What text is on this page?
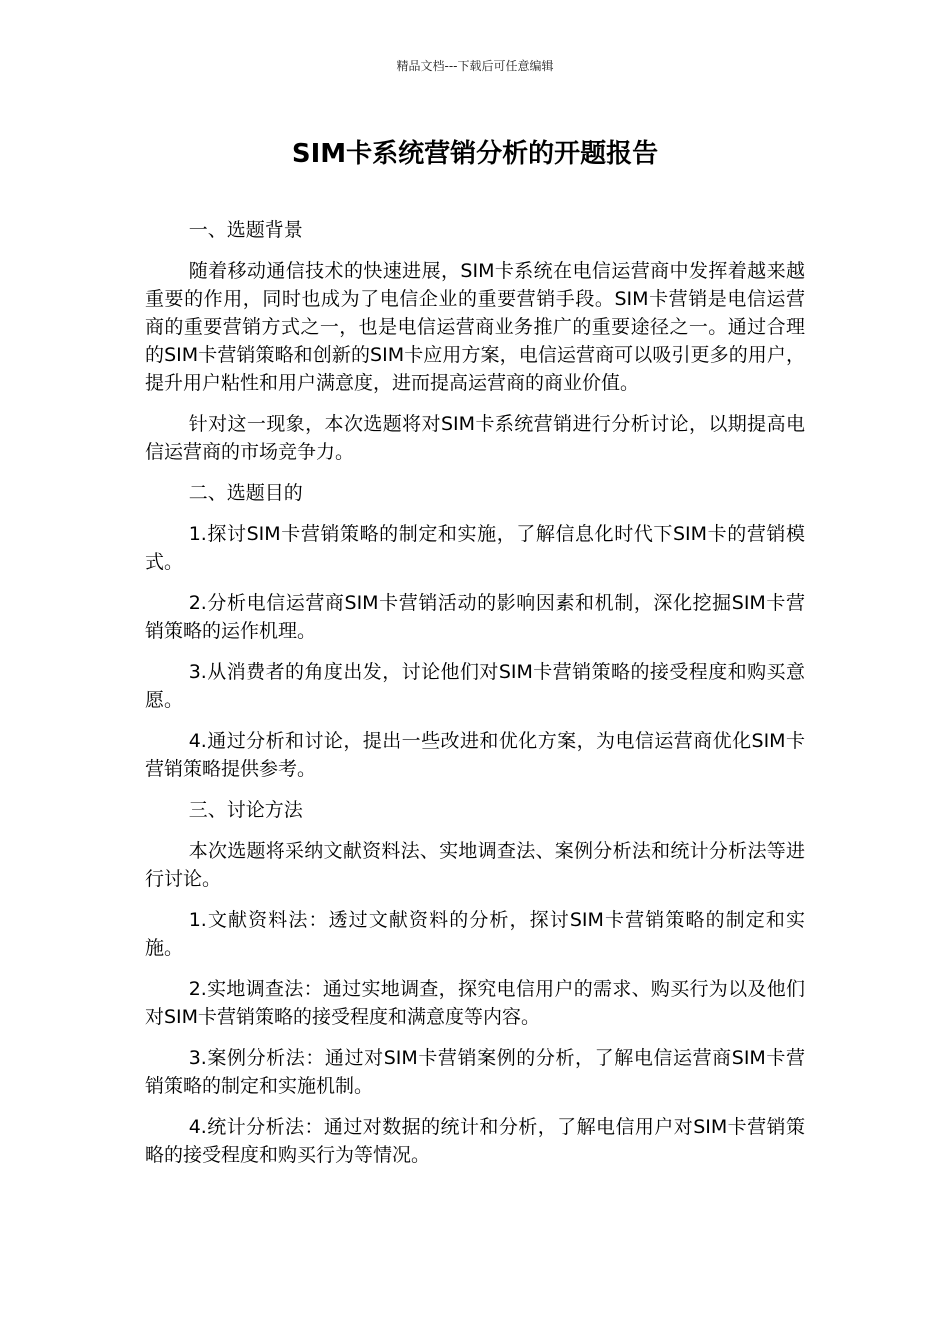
精品文档---下载后可任意编辑
SIM卡系统营销分析的开题报告

一、选题背景

随着移动通信技术的快速进展，SIM卡系统在电信运营商中发挥着越来越重要的作用，同时也成为了电信企业的重要营销手段。SIM卡营销是电信运营商的重要营销方式之一，也是电信运营商业务推广的重要途径之一。通过合理的SIM卡营销策略和创新的SIM卡应用方案，电信运营商可以吸引更多的用户，提升用户粘性和用户满意度，进而提高运营商的商业价值。

针对这一现象，本次选题将对SIM卡系统营销进行分析讨论，以期提高电信运营商的市场竞争力。

二、选题目的

1.探讨SIM卡营销策略的制定和实施，了解信息化时代下SIM卡的营销模式。

2.分析电信运营商SIM卡营销活动的影响因素和机制，深化挖掘SIM卡营销策略的运作机理。

3.从消费者的角度出发，讨论他们对SIM卡营销策略的接受程度和购买意愿。

4.通过分析和讨论，提出一些改进和优化方案，为电信运营商优化SIM卡营销策略提供参考。

三、讨论方法

本次选题将采纳文献资料法、实地调查法、案例分析法和统计分析法等进行讨论。

1.文献资料法：透过文献资料的分析，探讨SIM卡营销策略的制定和实施。

2.实地调查法：通过实地调查，探究电信用户的需求、购买行为以及他们对SIM卡营销策略的接受程度和满意度等内容。

3.案例分析法：通过对SIM卡营销案例的分析，了解电信运营商SIM卡营销策略的制定和实施机制。

4.统计分析法：通过对数据的统计和分析，了解电信用户对SIM卡营销策略的接受程度和购买行为等情况。
